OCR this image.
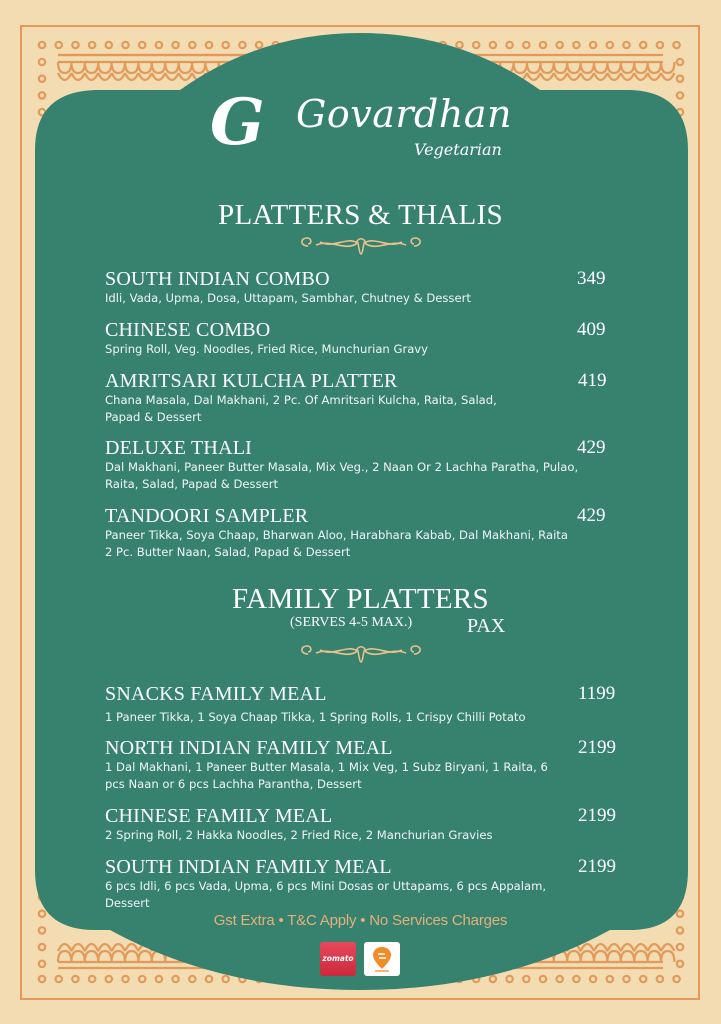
G Govardhan
Vegetarian
PLATTERS & THALIS
SOUTH INDIAN COMBO
Idli, Vada, Upma, Dosa, Uttapam, Sambhar, Chutney & Dessert
349
CHINESE COMBO
Spring Roll, Veg. Noodles, Fried Rice, Munchurian Gravy
409
AMRITSARI KULCHA PLATTER
Chana Masala, Dal Makhani, 2 Pc. Of Amritsari Kulcha, Raita, Salad,
Papad & Dessert
419
DELUXE THALI
Dal Makhani, Paneer Butter Masala, Mix Veg., 2 Naan Or 2 Lachha Paratha, Pulao,
Raita, Salad, Papad & Dessert
429
TANDOORI SAMPLER
Paneer Tikka, Soya Chaap, Bharwan Aloo, Harabhara Kabab, Dal Makhani, Raita
2 Pc. Butter Naan, Salad, Papad & Dessert
429
FAMILY PLATTERS
(SERVES 4-5 MAX.)	PAX
SNACKS FAMILY MEAL
1 Paneer Tikka, 1 Soya Chaap Tikka, 1 Spring Rolls, 1 Crispy Chilli Potato
1199
NORTH INDIAN FAMILY MEAL
1 Dal Makhani, 1 Paneer Butter Masala, 1 Mix Veg, 1 Subz Biryani, 1 Raita, 6
pcs Naan or 6 pcs Lachha Parantha, Dessert
2199
CHINESE FAMILY MEAL
2 Spring Roll, 2 Hakka Noodles, 2 Fried Rice, 2 Manchurian Gravies
2199
SOUTH INDIAN FAMILY MEAL
6 pcs Idli, 6 pcs Vada, Upma, 6 pcs Mini Dosas or Uttapams, 6 pcs Appalam,
Dessert
2199
Gst Extra • T&C Apply • No Services Charges
zomato
